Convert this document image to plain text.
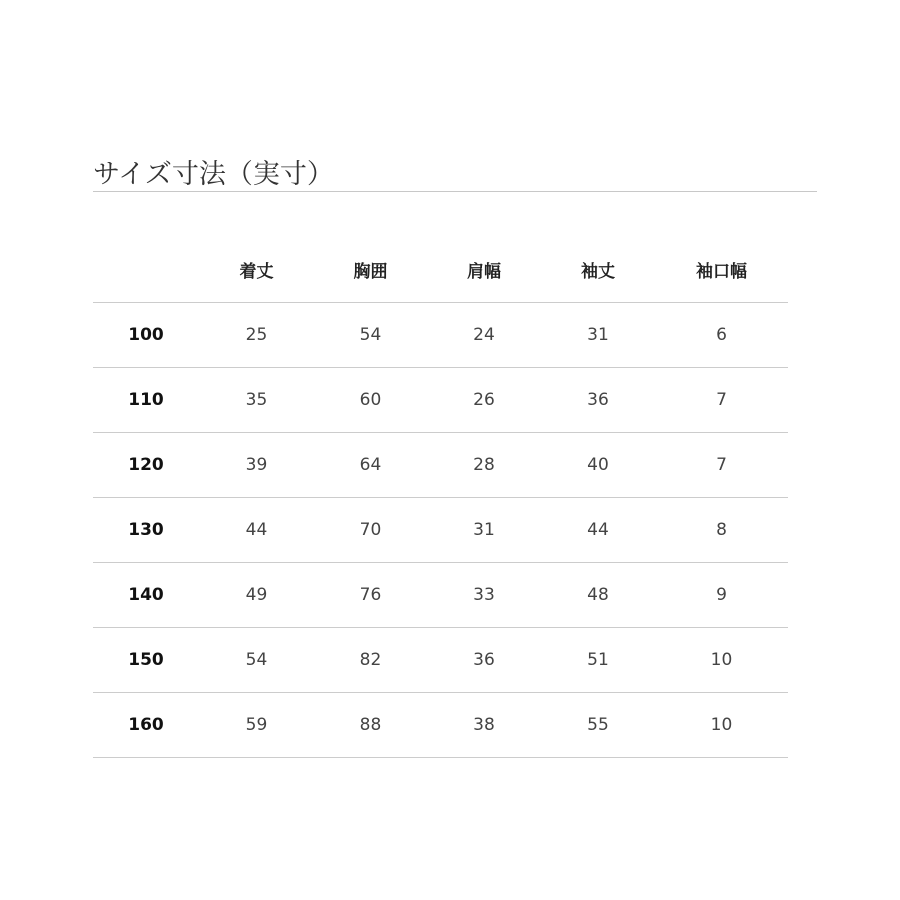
サイズ寸法（実寸）
	着丈	胸囲	肩幅	袖丈	袖口幅
100	25	54	24	31	6
110	35	60	26	36	7
120	39	64	28	40	7
130	44	70	31	44	8
140	49	76	33	48	9
150	54	82	36	51	10
160	59	88	38	55	10
